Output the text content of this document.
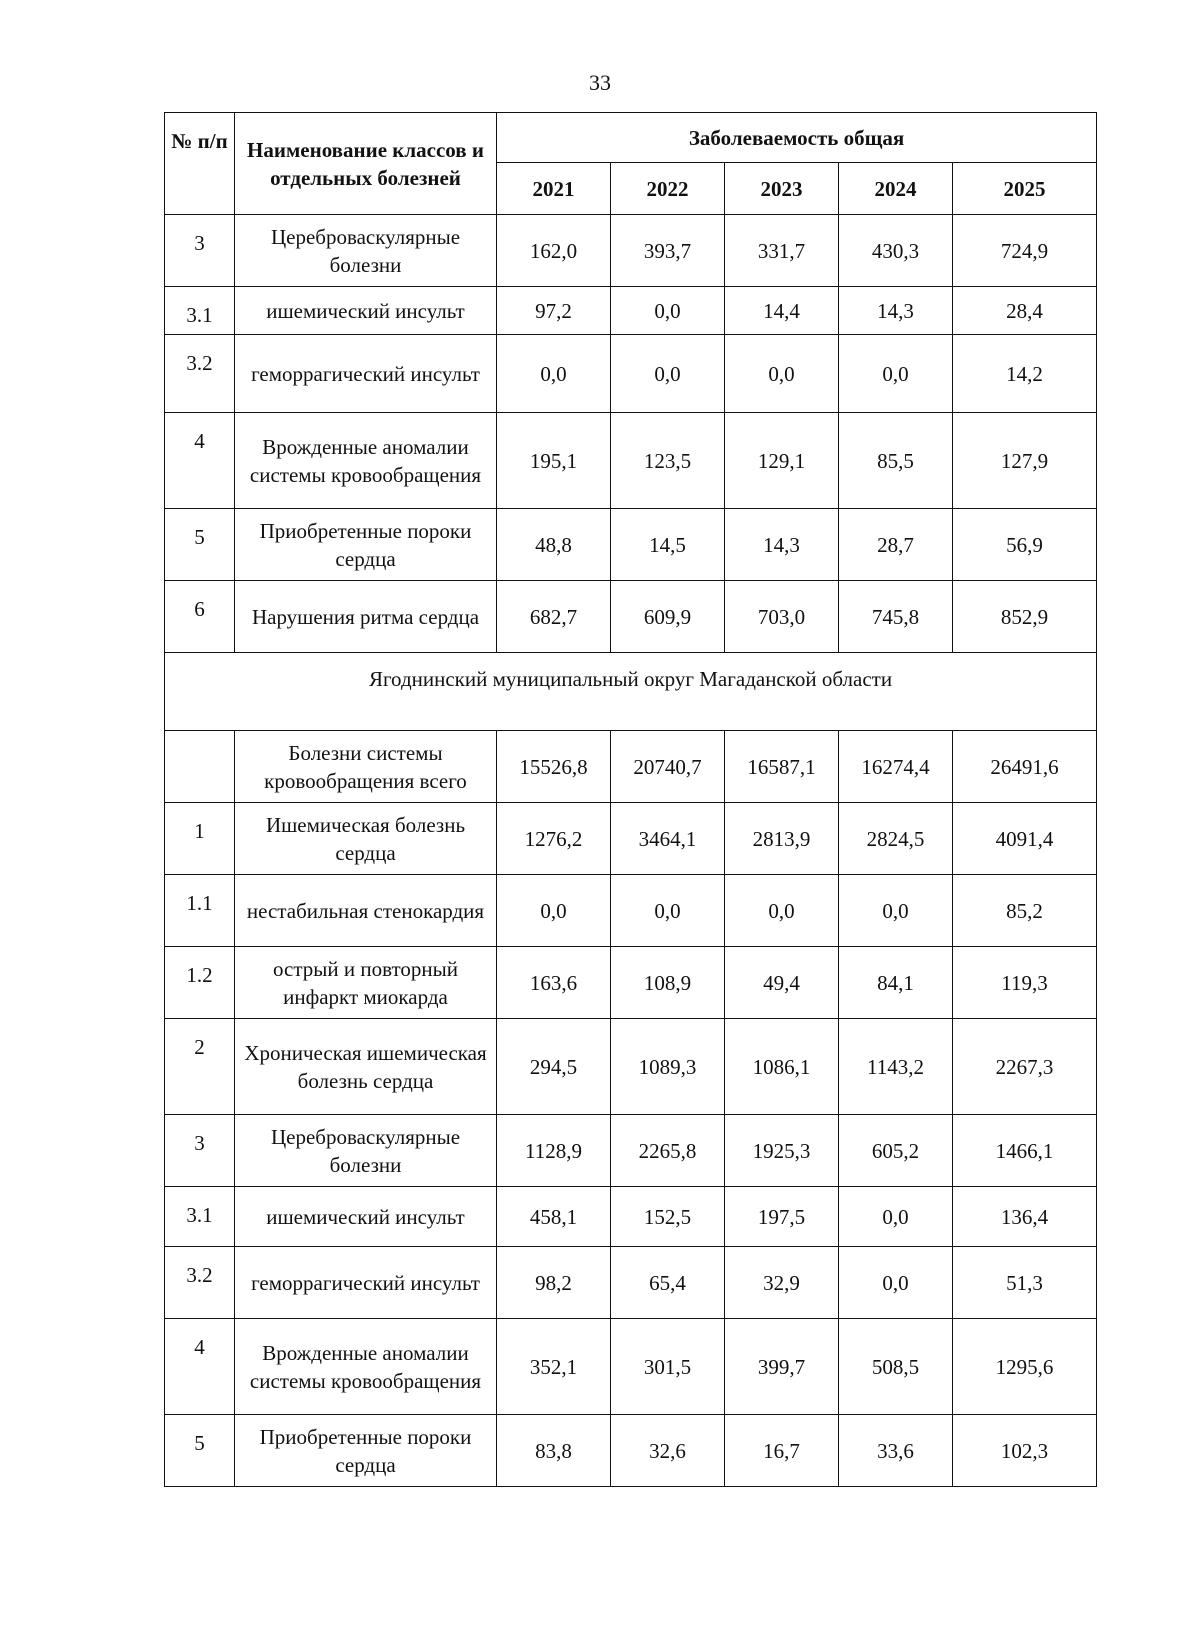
33
№ п/п	Наименование классов и отдельных болезней	Заболеваемость общая				
		2021	2022	2023	2024	2025
3	Цереброваскулярные болезни	162,0	393,7	331,7	430,3	724,9
3.1	ишемический инсульт	97,2	0,0	14,4	14,3	28,4
3.2	геморрагический инсульт	0,0	0,0	0,0	0,0	14,2
4	Врожденные аномалии системы кровообращения	195,1	123,5	129,1	85,5	127,9
5	Приобретенные пороки сердца	48,8	14,5	14,3	28,7	56,9
6	Нарушения ритма сердца	682,7	609,9	703,0	745,8	852,9
Ягоднинский муниципальный округ Магаданской области						
	Болезни системы кровообращения всего	15526,8	20740,7	16587,1	16274,4	26491,6
1	Ишемическая болезнь сердца	1276,2	3464,1	2813,9	2824,5	4091,4
1.1	нестабильная стенокардия	0,0	0,0	0,0	0,0	85,2
1.2	острый и повторный инфаркт миокарда	163,6	108,9	49,4	84,1	119,3
2	Хроническая ишемическая болезнь сердца	294,5	1089,3	1086,1	1143,2	2267,3
3	Цереброваскулярные болезни	1128,9	2265,8	1925,3	605,2	1466,1
3.1	ишемический инсульт	458,1	152,5	197,5	0,0	136,4
3.2	геморрагический инсульт	98,2	65,4	32,9	0,0	51,3
4	Врожденные аномалии системы кровообращения	352,1	301,5	399,7	508,5	1295,6
5	Приобретенные пороки сердца	83,8	32,6	16,7	33,6	102,3
